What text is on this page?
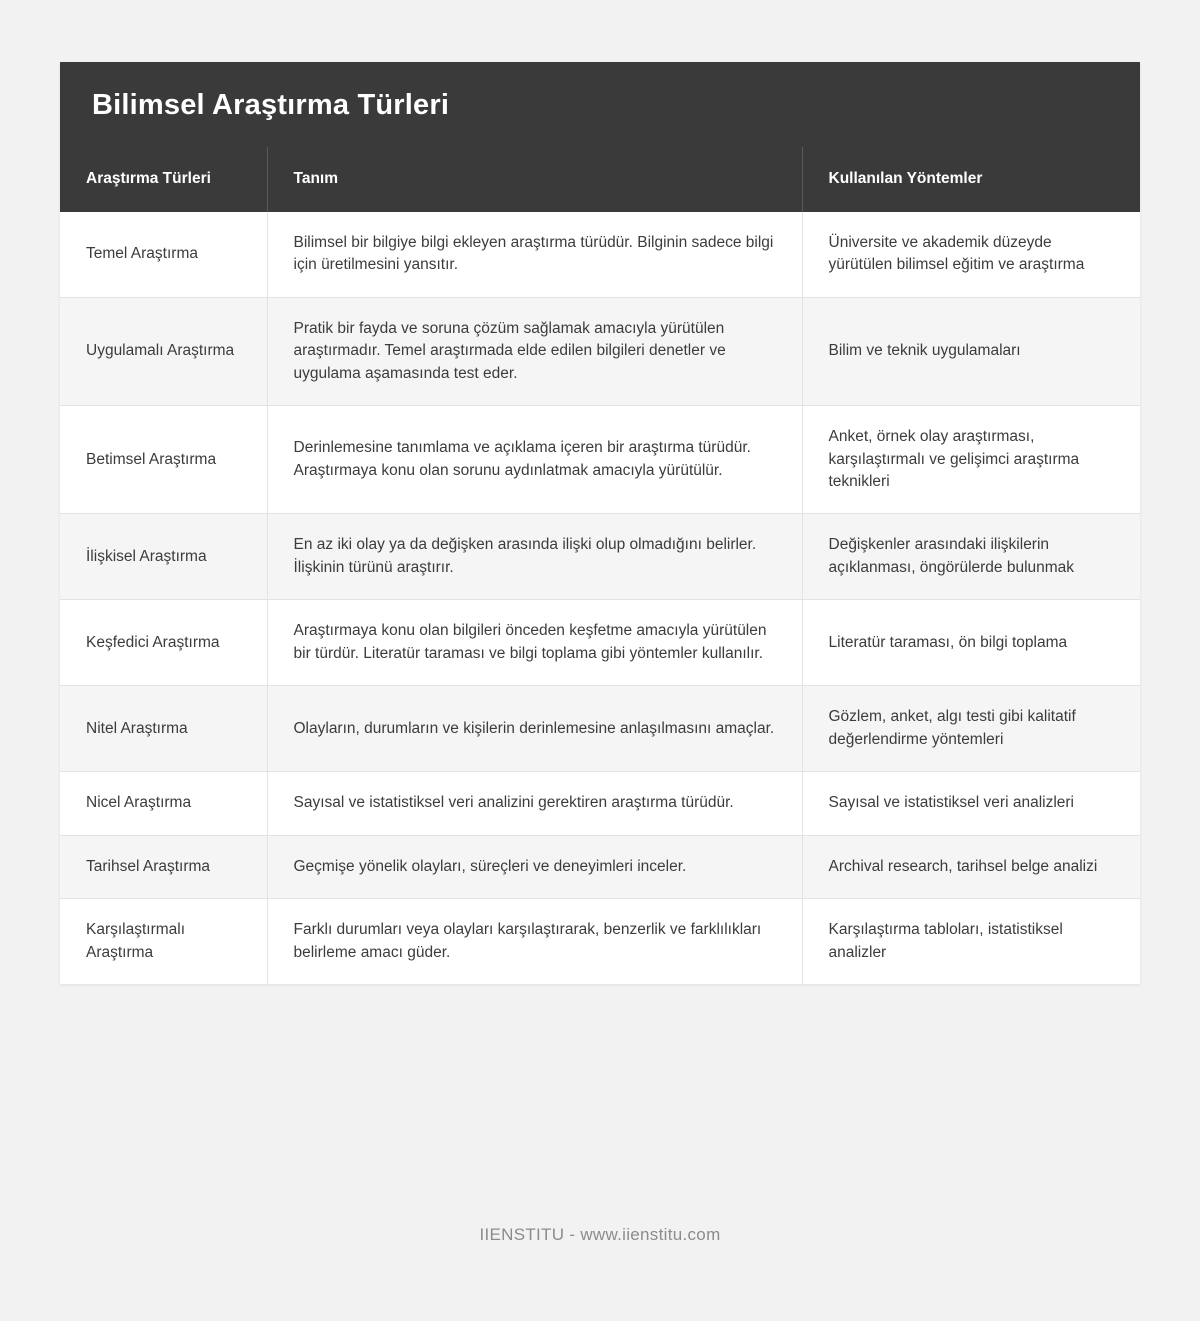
Bilimsel Araştırma Türleri
Araştırma Türleri	Tanım	Kullanılan Yöntemler
Temel Araştırma	Bilimsel bir bilgiye bilgi ekleyen araştırma türüdür. Bilginin sadece bilgi için üretilmesini yansıtır.	Üniversite ve akademik düzeyde yürütülen bilimsel eğitim ve araştırma
Uygulamalı Araştırma	Pratik bir fayda ve soruna çözüm sağlamak amacıyla yürütülen araştırmadır. Temel araştırmada elde edilen bilgileri denetler ve uygulama aşamasında test eder.	Bilim ve teknik uygulamaları
Betimsel Araştırma	Derinlemesine tanımlama ve açıklama içeren bir araştırma türüdür. Araştırmaya konu olan sorunu aydınlatmak amacıyla yürütülür.	Anket, örnek olay araştırması, karşılaştırmalı ve gelişimci araştırma teknikleri
İlişkisel Araştırma	En az iki olay ya da değişken arasında ilişki olup olmadığını belirler. İlişkinin türünü araştırır.	Değişkenler arasındaki ilişkilerin açıklanması, öngörülerde bulunmak
Keşfedici Araştırma	Araştırmaya konu olan bilgileri önceden keşfetme amacıyla yürütülen bir türdür. Literatür taraması ve bilgi toplama gibi yöntemler kullanılır.	Literatür taraması, ön bilgi toplama
Nitel Araştırma	Olayların, durumların ve kişilerin derinlemesine anlaşılmasını amaçlar.	Gözlem, anket, algı testi gibi kalitatif değerlendirme yöntemleri
Nicel Araştırma	Sayısal ve istatistiksel veri analizini gerektiren araştırma türüdür.	Sayısal ve istatistiksel veri analizleri
Tarihsel Araştırma	Geçmişe yönelik olayları, süreçleri ve deneyimleri inceler.	Archival research, tarihsel belge analizi
Karşılaştırmalı Araştırma	Farklı durumları veya olayları karşılaştırarak, benzerlik ve farklılıkları belirleme amacı güder.	Karşılaştırma tabloları, istatistiksel analizler
IIENSTITU - www.iienstitu.com
